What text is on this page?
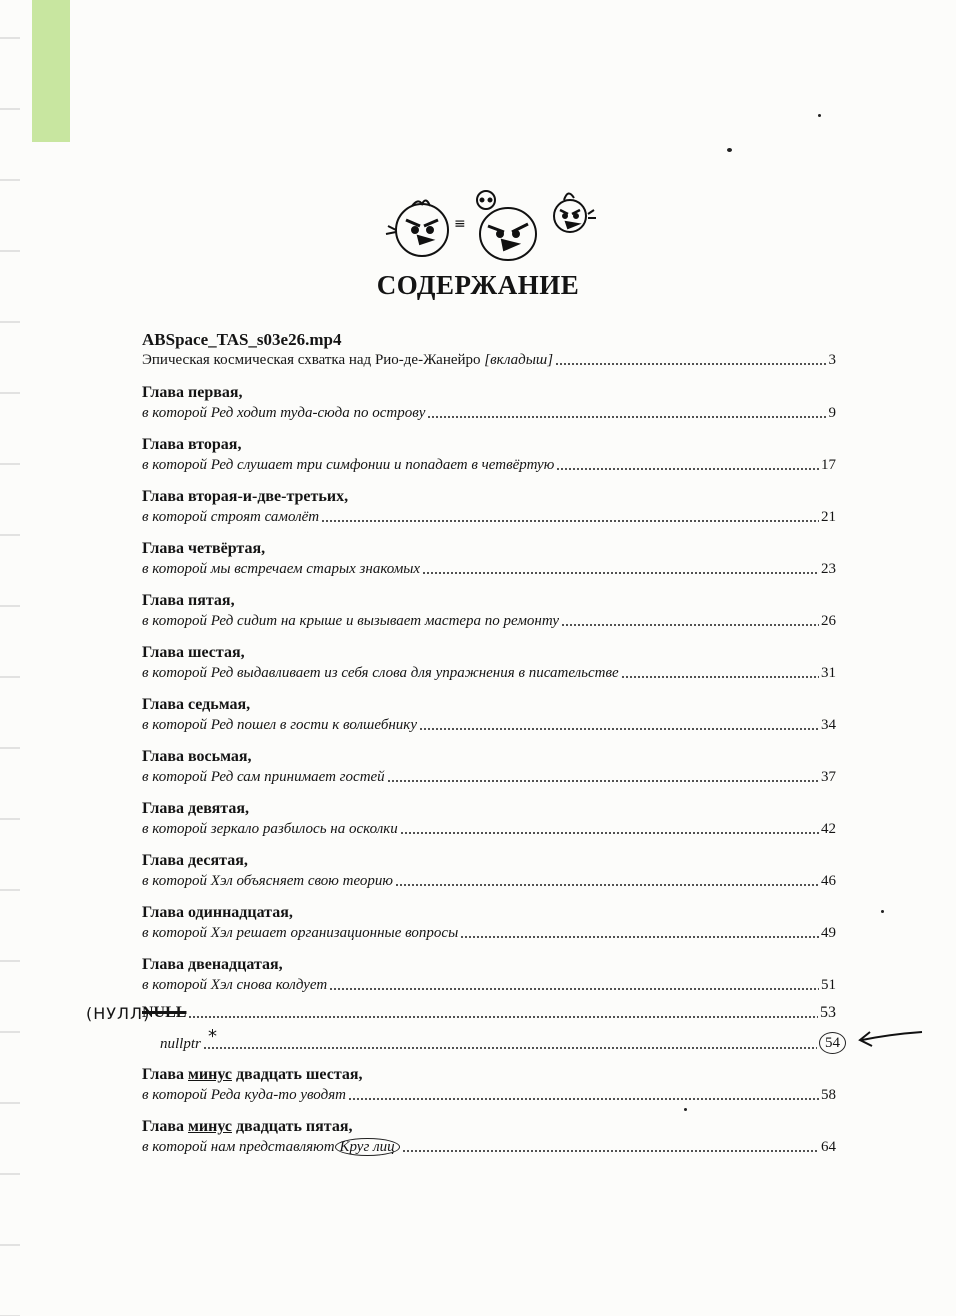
≡
СОДЕРЖАНИЕ
ABSpace_TAS_s03e26.mp4
Эпическая космическая схватка над Рио-де-Жанейро [вкладыш]	3
Глава первая,
в которой Ред ходит туда-сюда по острову	9
Глава вторая,
в которой Ред слушает три симфонии и попадает в четвёртую	17
Глава вторая-и-две-третьих,
в которой строят самолёт	21
Глава четвёртая,
в которой мы встречаем старых знакомых	23
Глава пятая,
в которой Ред сидит на крыше и вызывает мастера по ремонту	26
Глава шестая,
в которой Ред выдавливает из себя слова для упражнения в писательстве	31
Глава седьмая,
в которой Ред пошел в гости к волшебнику	34
Глава восьмая,
в которой Ред сам принимает гостей	37
Глава девятая,
в которой зеркало разбилось на осколки	42
Глава десятая,
в которой Хэл объясняет свою теорию	46
Глава одиннадцатая,
в которой Хэл решает организационные вопросы	49
Глава двенадцатая,
в которой Хэл снова колдует	51
(НУЛЛ)
NULL	53
*
nullptr	54
Глава минус двадцать шестая,
в которой Реда куда-то уводят	58
Глава минус двадцать пятая,
в которой нам представляют Круг лиц	64
